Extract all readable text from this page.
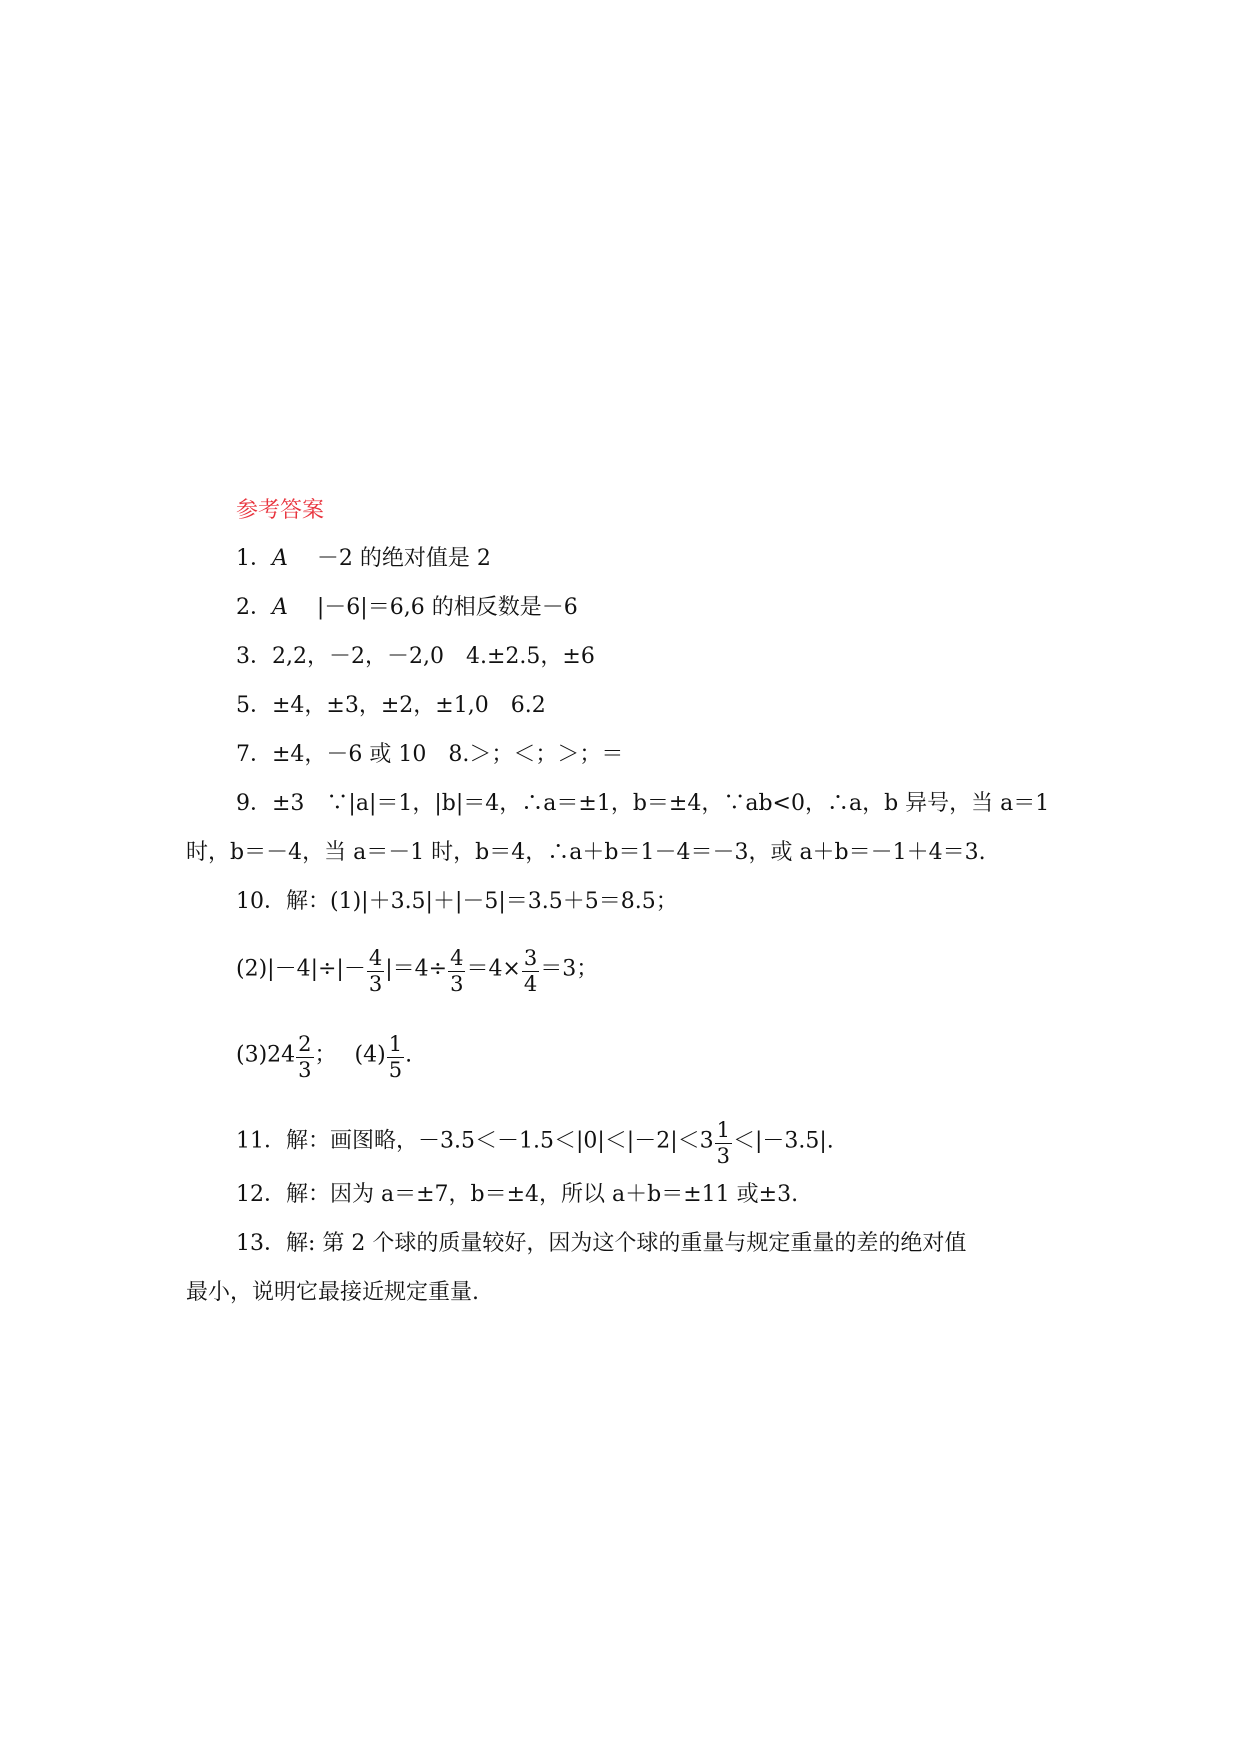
参考答案
1．A　 －2 的绝对值是 2
2．A　 |－6|＝6,6 的相反数是－6
3．2,2，－2，－2,0　4.±2.5，±6
5．±4，±3，±2，±1,0　6.2
7．±4，－6 或 10　8.＞；＜；＞；＝
9．±3　∵|a|＝1，|b|＝4，∴a＝±1，b＝±4，∵ab<0，∴a，b 异号，当 a＝1
时，b＝－4，当 a＝－1 时，b＝4，∴a＋b＝1－4＝－3，或 a＋b＝－1＋4＝3.
10．解：(1)|＋3.5|＋|－5|＝3.5＋5＝8.5；
$(2)|-4|\div|- \frac{4}{3} |=4\div \frac{4}{3} =4\times \frac{3}{4} =3$；
$(3)24 \frac{2}{3}$ ；　 $(4) \frac{1}{5}$ .
11．解：画图略，$-3.5<-1.5<|0|<|-2|<3 \frac{1}{3} <|-3.5|$.
12．解：因为 a＝±7，b＝±4，所以 a＋b＝±11 或±3.
13．解: 第 2 个球的质量较好，因为这个球的重量与规定重量的差的绝对值
最小，说明它最接近规定重量.
